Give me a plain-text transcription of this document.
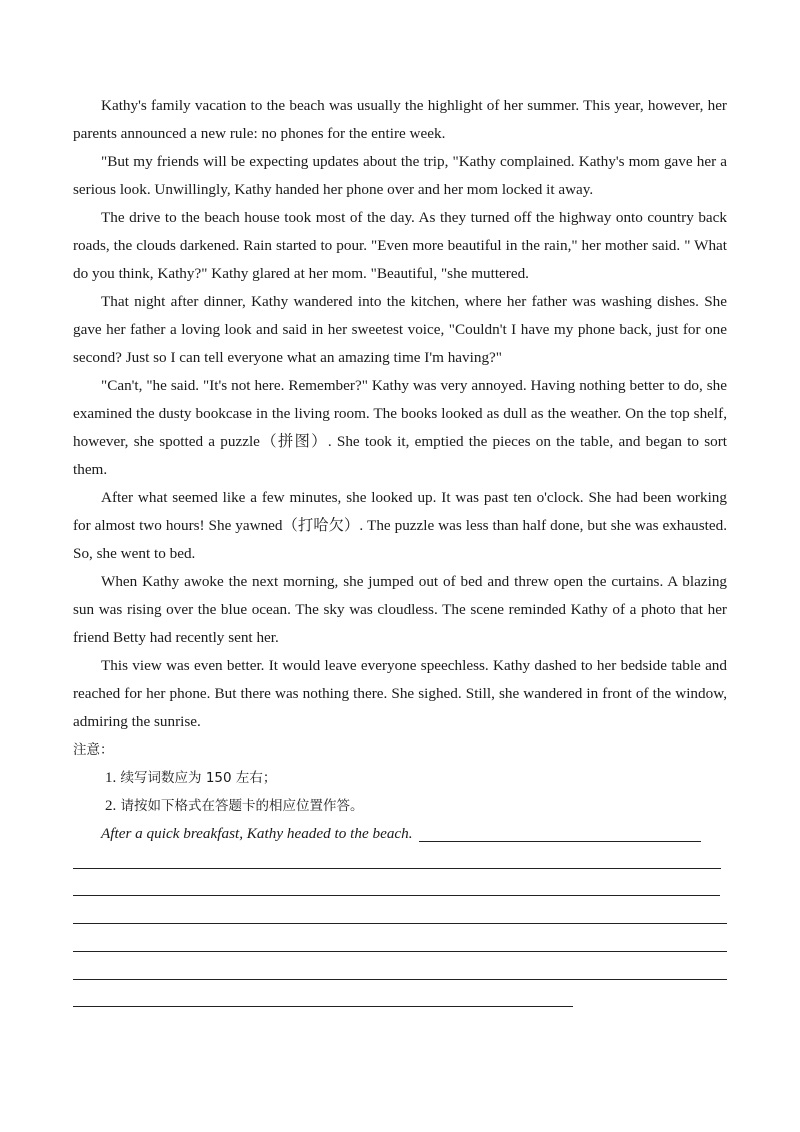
Kathy's family vacation to the beach was usually the highlight of her summer. This year, however, her parents announced a new rule: no phones for the entire week.

"But my friends will be expecting updates about the trip, "Kathy complained. Kathy's mom gave her a serious look. Unwillingly, Kathy handed her phone over and her mom locked it away.

The drive to the beach house took most of the day. As they turned off the highway onto country back roads, the clouds darkened. Rain started to pour. "Even more beautiful in the rain," her mother said. " What do you think, Kathy?" Kathy glared at her mom. "Beautiful, "she muttered.

That night after dinner, Kathy wandered into the kitchen, where her father was washing dishes. She gave her father a loving look and said in her sweetest voice, "Couldn't I have my phone back, just for one second? Just so I can tell everyone what an amazing time I'm having?"

"Can't, "he said. "It's not here. Remember?" Kathy was very annoyed. Having nothing better to do, she examined the dusty bookcase in the living room. The books looked as dull as the weather. On the top shelf, however, she spotted a puzzle（拼图）. She took it, emptied the pieces on the table, and began to sort them.

After what seemed like a few minutes, she looked up. It was past ten o'clock. She had been working for almost two hours! She yawned（打哈欠）. The puzzle was less than half done, but she was exhausted. So, she went to bed.

When Kathy awoke the next morning, she jumped out of bed and threw open the curtains. A blazing sun was rising over the blue ocean. The sky was cloudless. The scene reminded Kathy of a photo that her friend Betty had recently sent her.

This view was even better. It would leave everyone speechless. Kathy dashed to her bedside table and reached for her phone. But there was nothing there. She sighed. Still, she wandered in front of the window, admiring the sunrise.

注意：

1. 续写词数应为 150 左右；

2. 请按如下格式在答题卡的相应位置作答。

After a quick breakfast, Kathy headed to the beach.
